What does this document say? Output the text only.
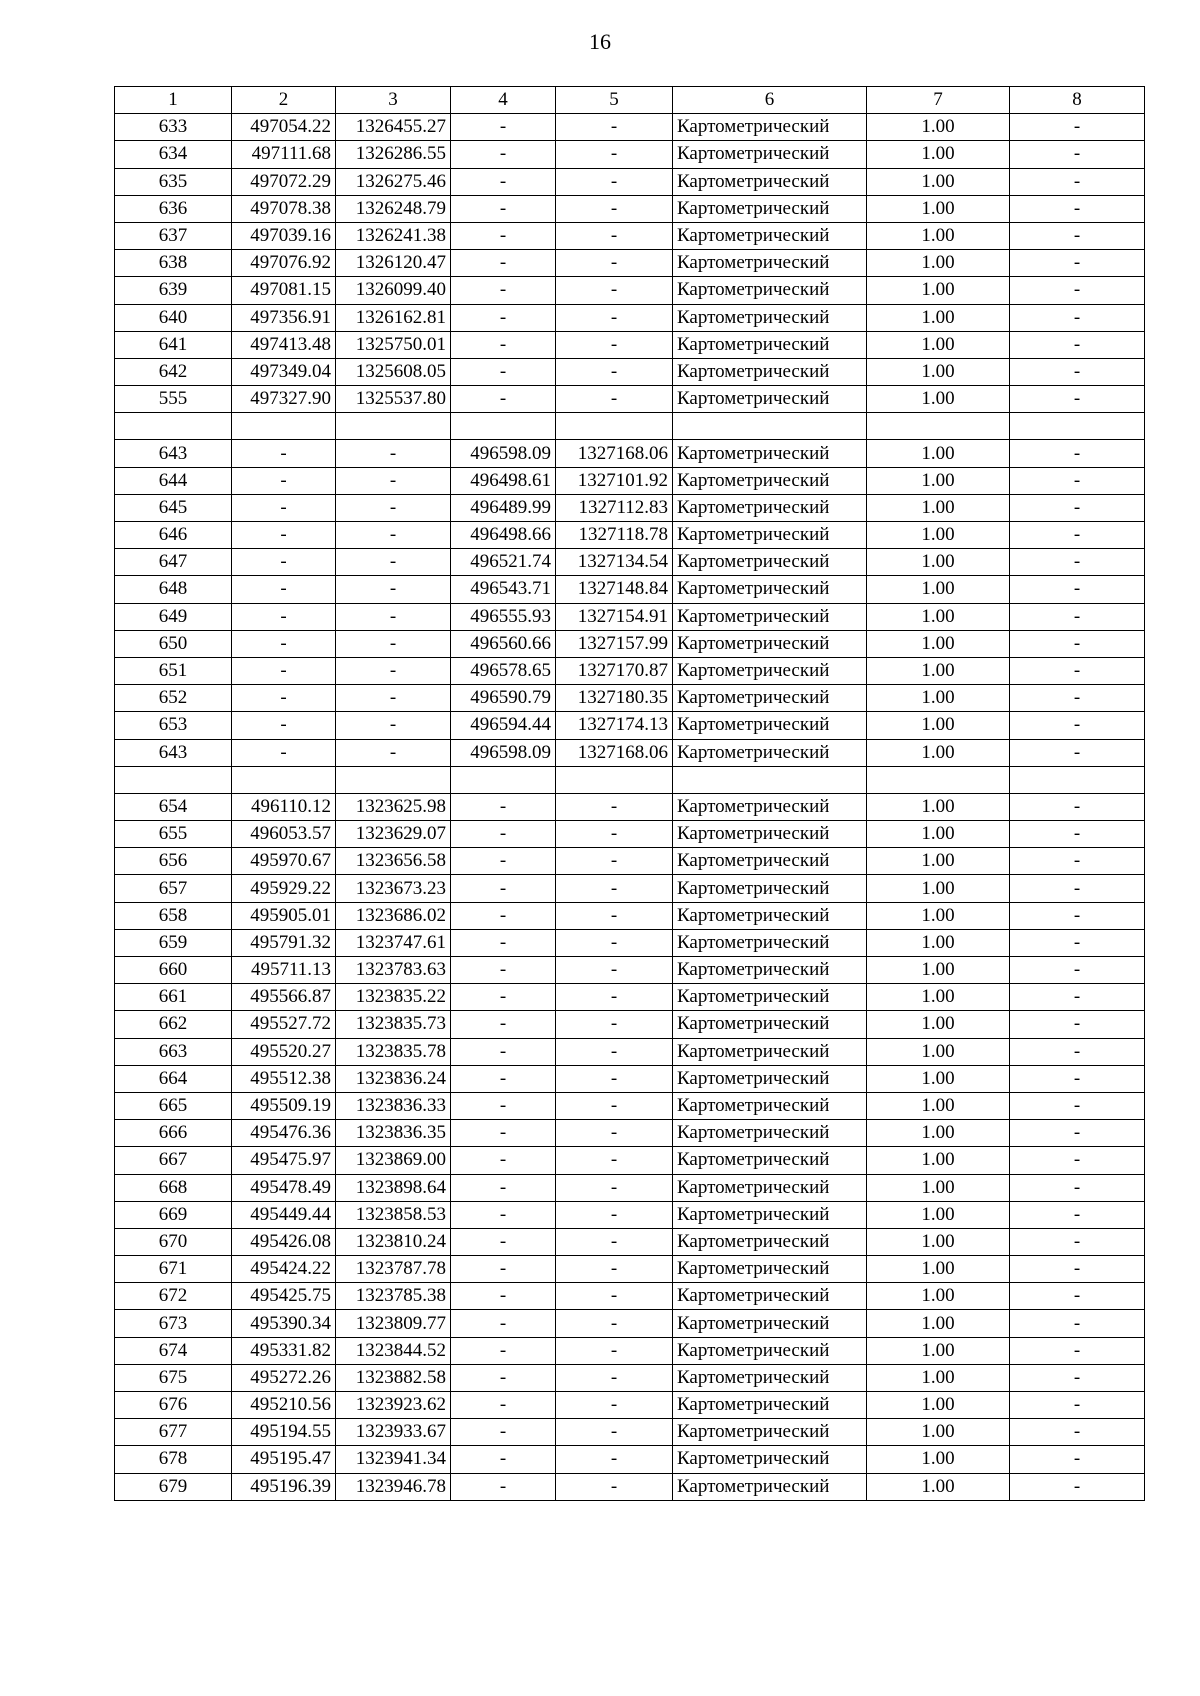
16
1	2	3	4	5	6	7	8
633	497054.22	1326455.27	-	-	Картометрический	1.00	-
634	497111.68	1326286.55	-	-	Картометрический	1.00	-
635	497072.29	1326275.46	-	-	Картометрический	1.00	-
636	497078.38	1326248.79	-	-	Картометрический	1.00	-
637	497039.16	1326241.38	-	-	Картометрический	1.00	-
638	497076.92	1326120.47	-	-	Картометрический	1.00	-
639	497081.15	1326099.40	-	-	Картометрический	1.00	-
640	497356.91	1326162.81	-	-	Картометрический	1.00	-
641	497413.48	1325750.01	-	-	Картометрический	1.00	-
642	497349.04	1325608.05	-	-	Картометрический	1.00	-
555	497327.90	1325537.80	-	-	Картометрический	1.00	-

643	-	-	496598.09	1327168.06	Картометрический	1.00	-
644	-	-	496498.61	1327101.92	Картометрический	1.00	-
645	-	-	496489.99	1327112.83	Картометрический	1.00	-
646	-	-	496498.66	1327118.78	Картометрический	1.00	-
647	-	-	496521.74	1327134.54	Картометрический	1.00	-
648	-	-	496543.71	1327148.84	Картометрический	1.00	-
649	-	-	496555.93	1327154.91	Картометрический	1.00	-
650	-	-	496560.66	1327157.99	Картометрический	1.00	-
651	-	-	496578.65	1327170.87	Картометрический	1.00	-
652	-	-	496590.79	1327180.35	Картометрический	1.00	-
653	-	-	496594.44	1327174.13	Картометрический	1.00	-
643	-	-	496598.09	1327168.06	Картометрический	1.00	-

654	496110.12	1323625.98	-	-	Картометрический	1.00	-
655	496053.57	1323629.07	-	-	Картометрический	1.00	-
656	495970.67	1323656.58	-	-	Картометрический	1.00	-
657	495929.22	1323673.23	-	-	Картометрический	1.00	-
658	495905.01	1323686.02	-	-	Картометрический	1.00	-
659	495791.32	1323747.61	-	-	Картометрический	1.00	-
660	495711.13	1323783.63	-	-	Картометрический	1.00	-
661	495566.87	1323835.22	-	-	Картометрический	1.00	-
662	495527.72	1323835.73	-	-	Картометрический	1.00	-
663	495520.27	1323835.78	-	-	Картометрический	1.00	-
664	495512.38	1323836.24	-	-	Картометрический	1.00	-
665	495509.19	1323836.33	-	-	Картометрический	1.00	-
666	495476.36	1323836.35	-	-	Картометрический	1.00	-
667	495475.97	1323869.00	-	-	Картометрический	1.00	-
668	495478.49	1323898.64	-	-	Картометрический	1.00	-
669	495449.44	1323858.53	-	-	Картометрический	1.00	-
670	495426.08	1323810.24	-	-	Картометрический	1.00	-
671	495424.22	1323787.78	-	-	Картометрический	1.00	-
672	495425.75	1323785.38	-	-	Картометрический	1.00	-
673	495390.34	1323809.77	-	-	Картометрический	1.00	-
674	495331.82	1323844.52	-	-	Картометрический	1.00	-
675	495272.26	1323882.58	-	-	Картометрический	1.00	-
676	495210.56	1323923.62	-	-	Картометрический	1.00	-
677	495194.55	1323933.67	-	-	Картометрический	1.00	-
678	495195.47	1323941.34	-	-	Картометрический	1.00	-
679	495196.39	1323946.78	-	-	Картометрический	1.00	-
